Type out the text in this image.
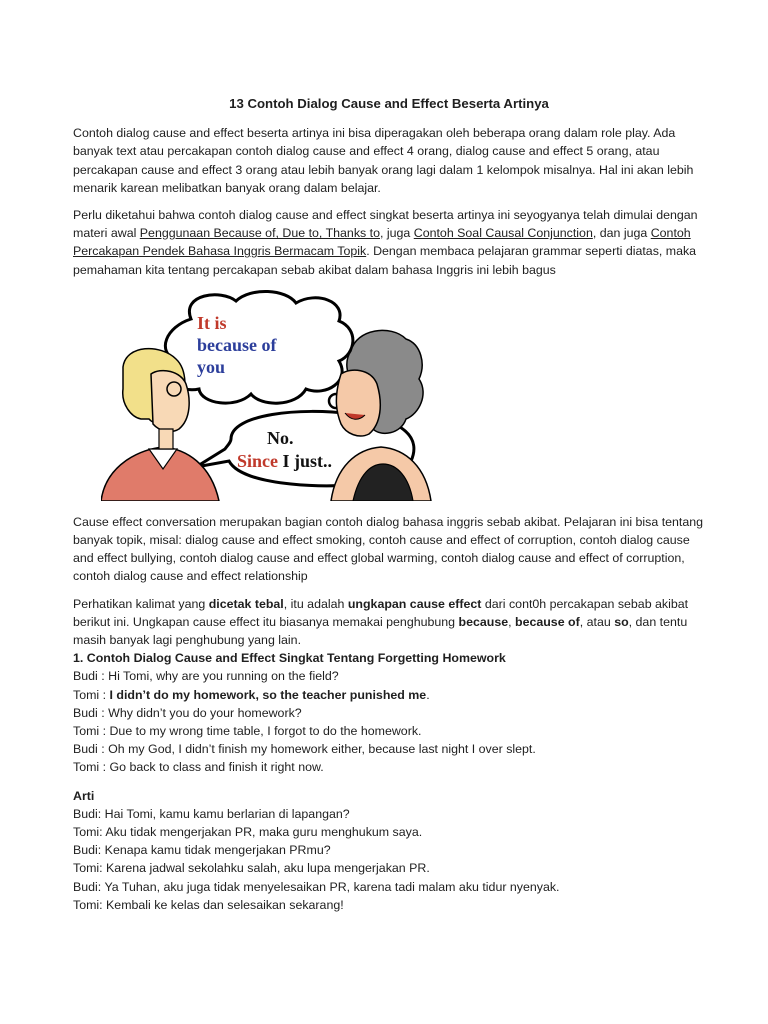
13 Contoh Dialog Cause and Effect Beserta Artinya

Contoh dialog cause and effect beserta artinya ini bisa diperagakan oleh beberapa orang dalam role play. Ada banyak text atau percakapan contoh dialog cause and effect 4 orang, dialog cause and effect 5 orang, atau percakapan cause and effect 3 orang atau lebih banyak orang lagi dalam 1 kelompok misalnya. Hal ini akan lebih menarik karean melibatkan banyak orang dalam belajar.

Perlu diketahui bahwa contoh dialog cause and effect singkat beserta artinya ini seyogyanya telah dimulai dengan materi awal Penggunaan Because of, Due to, Thanks to, juga Contoh Soal Causal Conjunction, dan juga Contoh Percakapan Pendek Bahasa Inggris Bermacam Topik. Dengan membaca pelajaran grammar seperti diatas, maka pemahaman kita tentang percakapan sebab akibat dalam bahasa Inggris ini lebih bagus

It is
because of
you
No.
Since I just..

Cause effect conversation merupakan bagian contoh dialog bahasa inggris sebab akibat. Pelajaran ini bisa tentang banyak topik, misal: dialog cause and effect smoking, contoh cause and effect of corruption, contoh dialog cause and effect bullying, contoh dialog cause and effect global warming, contoh dialog cause and effect of corruption, contoh dialog cause and effect relationship

Perhatikan kalimat yang dicetak tebal, itu adalah ungkapan cause effect dari cont0h percakapan sebab akibat berikut ini. Ungkapan cause effect itu biasanya memakai penghubung because, because of, atau so, dan tentu masih banyak lagi penghubung yang lain.

1. Contoh Dialog Cause and Effect Singkat Tentang Forgetting Homework
Budi : Hi Tomi, why are you running on the field?
Tomi : I didn’t do my homework, so the teacher punished me.
Budi : Why didn’t you do your homework?
Tomi : Due to my wrong time table, I forgot to do the homework.
Budi : Oh my God, I didn’t finish my homework either, because last night I over slept.
Tomi : Go back to class and finish it right now.
Arti
Budi: Hai Tomi, kamu kamu berlarian di lapangan?
Tomi: Aku tidak mengerjakan PR, maka guru menghukum saya.
Budi: Kenapa kamu tidak mengerjakan PRmu?
Tomi: Karena jadwal sekolahku salah, aku lupa mengerjakan PR.
Budi: Ya Tuhan, aku juga tidak menyelesaikan PR, karena tadi malam aku tidur nyenyak.
Tomi: Kembali ke kelas dan selesaikan sekarang!
